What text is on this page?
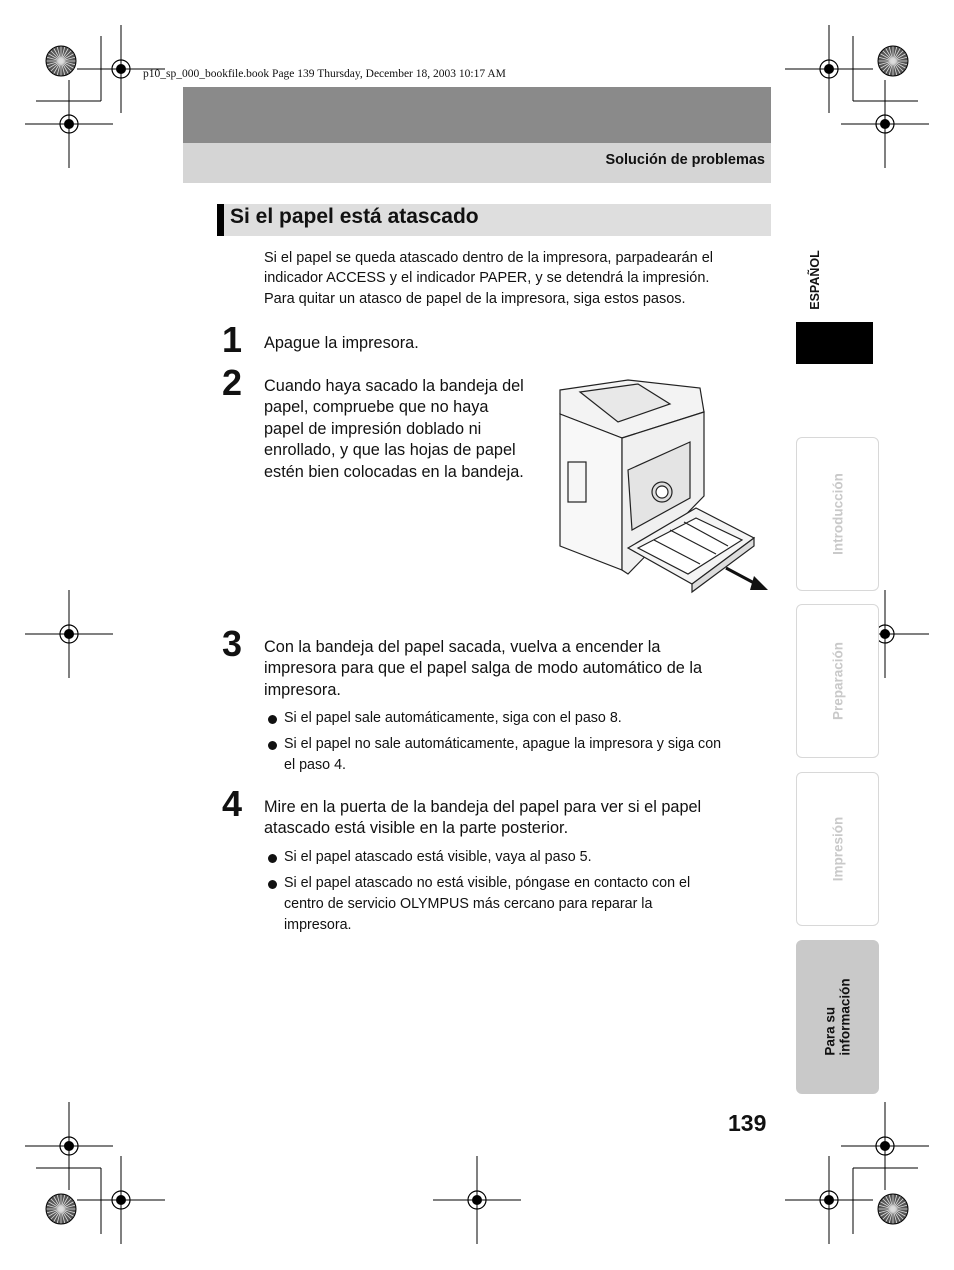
p10_sp_000_bookfile.book Page 139 Thursday, December 18, 2003 10:17 AM
Solución de problemas
Si el papel está atascado
Si el papel se queda atascado dentro de la impresora, parpadearán el
indicador ACCESS y el indicador PAPER, y se detendrá la impresión.
Para quitar un atasco de papel de la impresora, siga estos pasos.
1 Apague la impresora.
2 Cuando haya sacado la bandeja del
papel, compruebe que no haya
papel de impresión doblado ni
enrollado, y que las hojas de papel
estén bien colocadas en la bandeja.
3 Con la bandeja del papel sacada, vuelva a encender la
impresora para que el papel salga de modo automático de la
impresora.
Si el papel sale automáticamente, siga con el paso 8.
Si el papel no sale automáticamente, apague la impresora y siga con
el paso 4.
4 Mire en la puerta de la bandeja del papel para ver si el papel
atascado está visible en la parte posterior.
Si el papel atascado está visible, vaya al paso 5.
Si el papel atascado no está visible, póngase en contacto con el
centro de servicio OLYMPUS más cercano para reparar la
impresora.
ESPAÑOL
Introducción
Preparación
Impresión
Para su
información
139
